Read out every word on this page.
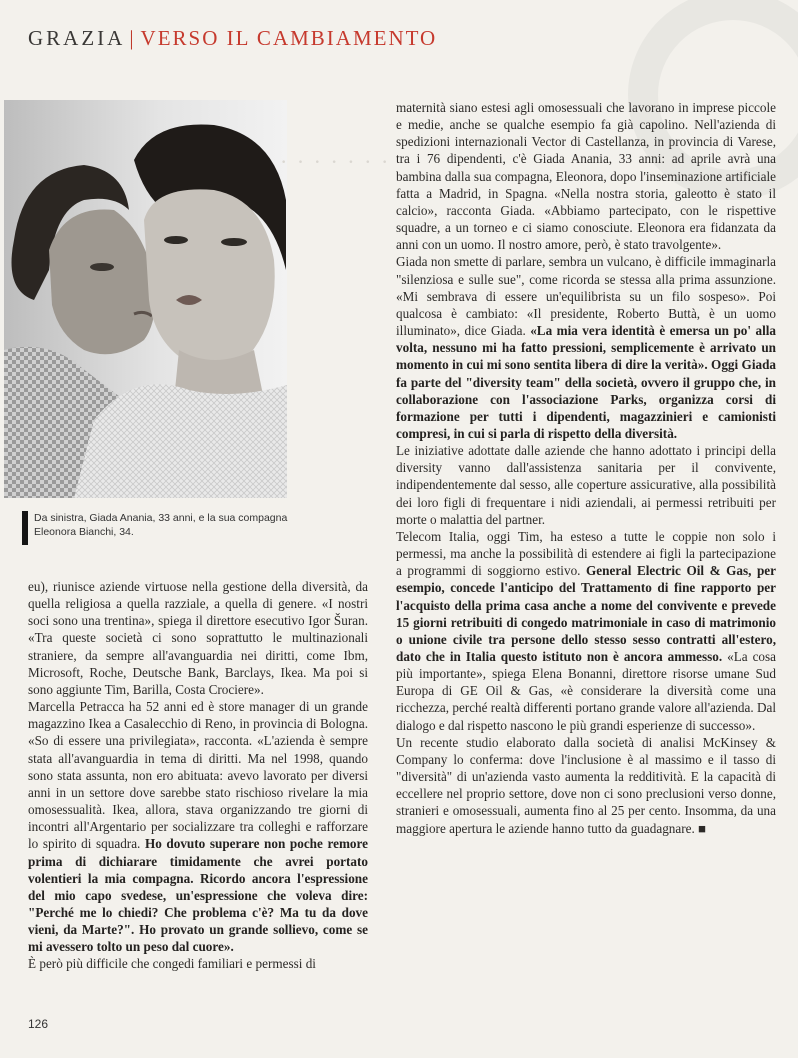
GRAZIA | VERSO IL CAMBIAMENTO
· · · · · · ·
Da sinistra, Giada Anania, 33 anni, e la sua compagna Eleonora Bianchi, 34.

eu), riunisce aziende virtuose nella gestione della diversità, da quella religiosa a quella razziale, a quella di genere. «I nostri soci sono una trentina», spiega il direttore esecutivo Igor Šuran. «Tra queste società ci sono soprattutto le multinazionali straniere, da sempre all'avanguardia nei diritti, come Ibm, Microsoft, Roche, Deutsche Bank, Barclays, Ikea. Ma poi si sono aggiunte Tim, Barilla, Costa Crociere».

Marcella Petracca ha 52 anni ed è store manager di un grande magazzino Ikea a Casalecchio di Reno, in provincia di Bologna. «So di essere una privilegiata», racconta. «L'azienda è sempre stata all'avanguardia in tema di diritti. Ma nel 1998, quando sono stata assunta, non ero abituata: avevo lavorato per diversi anni in un settore dove sarebbe stato rischioso rivelare la mia omosessualità. Ikea, allora, stava organizzando tre giorni di incontri all'Argentario per socializzare tra colleghi e rafforzare lo spirito di squadra. Ho dovuto superare non poche remore prima di dichiarare timidamente che avrei portato volentieri la mia compagna. Ricordo ancora l'espressione del mio capo svedese, un'espressione che voleva dire: "Perché me lo chiedi? Che problema c'è? Ma tu da dove vieni, da Marte?". Ho provato un grande sollievo, come se mi avessero tolto un peso dal cuore».

È però più difficile che congedi familiari e permessi di

maternità siano estesi agli omosessuali che lavorano in imprese piccole e medie, anche se qualche esempio fa già capolino. Nell'azienda di spedizioni internazionali Vector di Castellanza, in provincia di Varese, tra i 76 dipendenti, c'è Giada Anania, 33 anni: ad aprile avrà una bambina dalla sua compagna, Eleonora, dopo l'inseminazione artificiale fatta a Madrid, in Spagna. «Nella nostra storia, galeotto è stato il calcio», racconta Giada. «Abbiamo partecipato, con le rispettive squadre, a un torneo e ci siamo conosciute. Eleonora era fidanzata da anni con un uomo. Il nostro amore, però, è stato travolgente».

Giada non smette di parlare, sembra un vulcano, è difficile immaginarla "silenziosa e sulle sue", come ricorda se stessa alla prima assunzione. «Mi sembrava di essere un'equilibrista su un filo sospeso». Poi qualcosa è cambiato: «Il presidente, Roberto Buttà, è un uomo illuminato», dice Giada. «La mia vera identità è emersa un po' alla volta, nessuno mi ha fatto pressioni, semplicemente è arrivato un momento in cui mi sono sentita libera di dire la verità». Oggi Giada fa parte del "diversity team" della società, ovvero il gruppo che, in collaborazione con l'associazione Parks, organizza corsi di formazione per tutti i dipendenti, magazzinieri e camionisti compresi, in cui si parla di rispetto della diversità.

Le iniziative adottate dalle aziende che hanno adottato i principi della diversity vanno dall'assistenza sanitaria per il convivente, indipendentemente dal sesso, alle coperture assicurative, alla possibilità dei loro figli di frequentare i nidi aziendali, ai permessi retribuiti per morte o malattia del partner.

Telecom Italia, oggi Tim, ha esteso a tutte le coppie non solo i permessi, ma anche la possibilità di estendere ai figli la partecipazione a programmi di soggiorno estivo. General Electric Oil & Gas, per esempio, concede l'anticipo del Trattamento di fine rapporto per l'acquisto della prima casa anche a nome del convivente e prevede 15 giorni retribuiti di congedo matrimoniale in caso di matrimonio o unione civile tra persone dello stesso sesso contratti all'estero, dato che in Italia questo istituto non è ancora ammesso. «La cosa più importante», spiega Elena Bonanni, direttore risorse umane Sud Europa di GE Oil & Gas, «è considerare la diversità come una ricchezza, perché realtà differenti portano grande valore all'azienda. Dal dialogo e dal rispetto nascono le più grandi esperienze di successo».

Un recente studio elaborato dalla società di analisi McKinsey & Company lo conferma: dove l'inclusione è al massimo e il tasso di "diversità" di un'azienda vasto aumenta la redditività. E la capacità di eccellere nel proprio settore, dove non ci sono preclusioni verso donne, stranieri e omosessuali, aumenta fino al 25 per cento. Insomma, da una maggiore apertura le aziende hanno tutto da guadagnare. ■

126
